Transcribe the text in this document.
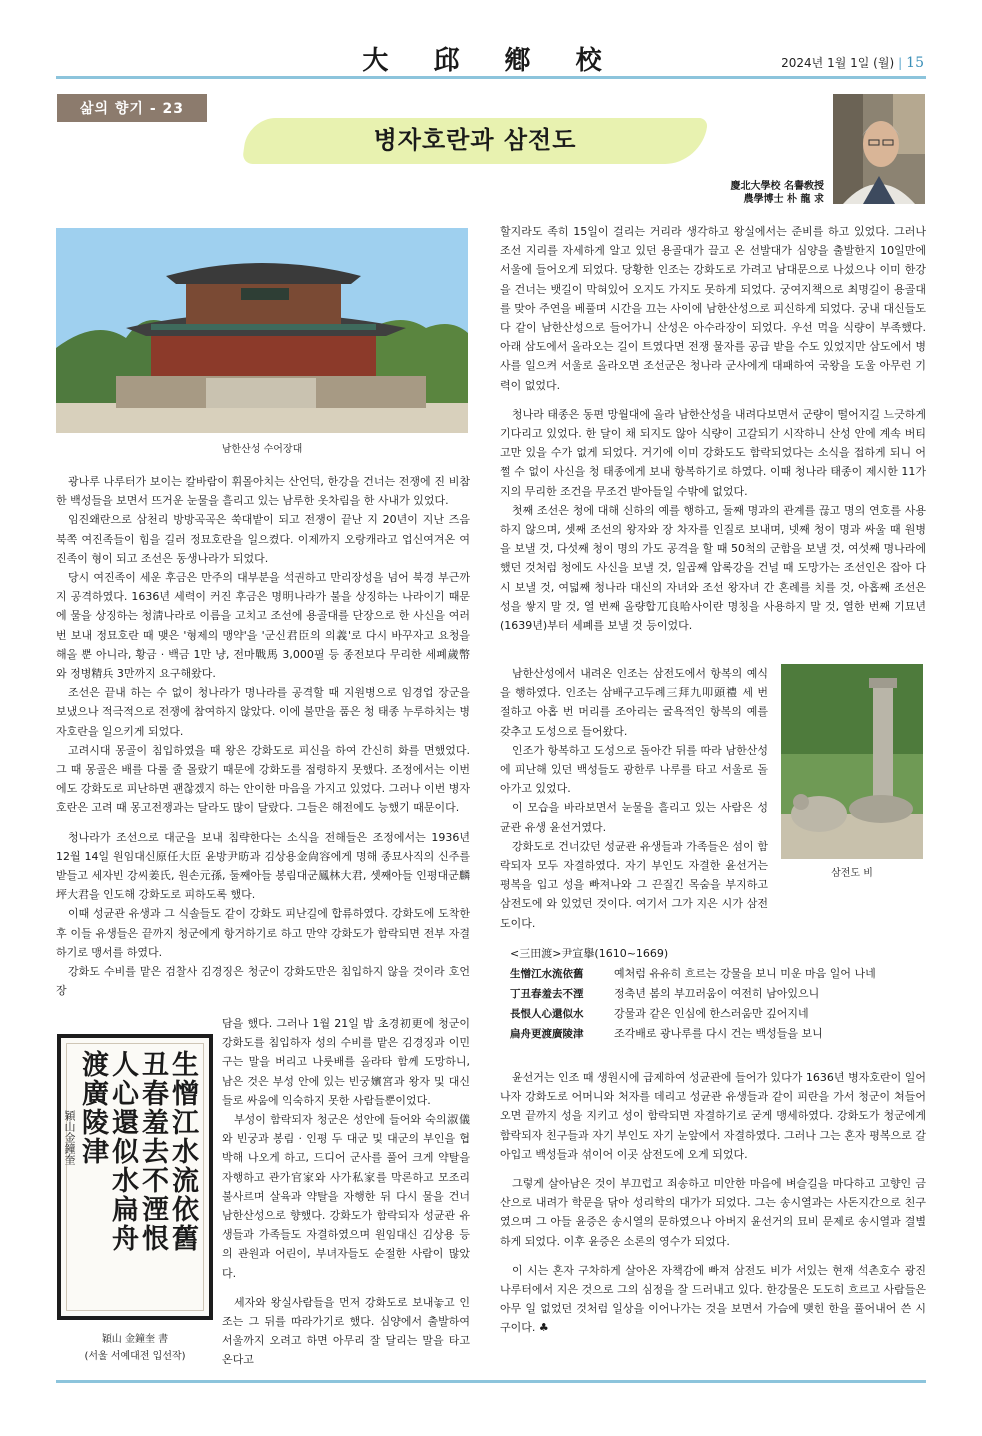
大 邱 鄕 校	2024년 1월 1일 (월) | 15
삶의 향기 - 23
병자호란과 삼전도
慶北大學校 名譽敎授
農學博士 朴 龍 求
남한산성 수어장대

광나루 나루터가 보이는 칼바람이 휘몰아치는 산언덕, 한강을 건너는 전쟁에 진 비참한 백성들을 보면서 뜨거운 눈물을 흘리고 있는 남루한 옷차림을 한 사내가 있었다.

임진왜란으로 삼천리 방방곡곡은 쑥대밭이 되고 전쟁이 끝난 지 20년이 지난 즈음 북쪽 여진족들이 힘을 길러 정묘호란을 일으켰다. 이제까지 오랑캐라고 업신여겨온 여진족이 형이 되고 조선은 동생나라가 되었다.

당시 여진족이 세운 후금은 만주의 대부분을 석권하고 만리장성을 넘어 북경 부근까지 공격하였다. 1636년 세력이 커진 후금은 명明나라가 불을 상징하는 나라이기 때문에 물을 상징하는 청淸나라로 이름을 고치고 조선에 용골대를 단장으로 한 사신을 여러 번 보내 정묘호란 때 맺은 '형제의 맹약'을 '군신君臣의 의義'로 다시 바꾸자고 요청을 해올 뿐 아니라, 황금 · 백금 1만 냥, 전마戰馬 3,000필 등 종전보다 무리한 세폐歲幣와 정병精兵 3만까지 요구해왔다.

조선은 끝내 하는 수 없이 청나라가 명나라를 공격할 때 지원병으로 임경업 장군을 보냈으나 적극적으로 전쟁에 참여하지 않았다. 이에 불만을 품은 청 태종 누루하치는 병자호란을 일으키게 되었다.

고려시대 몽골이 침입하였을 때 왕은 강화도로 피신을 하여 간신히 화를 면했었다. 그 때 몽골은 배를 다룰 줄 몰랐기 때문에 강화도를 점령하지 못했다. 조정에서는 이번에도 강화도로 피난하면 괜찮겠지 하는 안이한 마음을 가지고 있었다. 그러나 이번 병자호란은 고려 때 몽고전쟁과는 달라도 많이 달랐다. 그들은 해전에도 능했기 때문이다.

청나라가 조선으로 대군을 보내 침략한다는 소식을 전해들은 조정에서는 1936년 12월 14일 원임대신原任大臣 윤방尹昉과 김상용金尙容에게 명해 종묘사직의 신주를 받들고 세자빈 강씨姜氏, 원손元孫, 둘째아들 봉림대군鳳林大君, 셋째아들 인평대군麟坪大君을 인도해 강화도로 피하도록 했다.

이때 성균관 유생과 그 식솔들도 같이 강화도 피난길에 합류하였다. 강화도에 도착한 후 이들 유생들은 끝까지 청군에게 항거하기로 하고 만약 강화도가 함락되면 전부 자결하기로 맹서를 하였다.

강화도 수비를 맡은 검찰사 김경징은 청군이 강화도만은 침입하지 않을 것이라 호언장

生憎江水流依舊
丑春羞去不湮恨
人心還似水扁舟
渡廣陵津
穎山金鐘奎
穎山 金鐘奎 書
(서울 서예대전 입선작)

담을 했다. 그러나 1월 21일 밤 초경初更에 청군이 강화도를 침입하자 성의 수비를 맡은 김경징과 이민구는 말을 버리고 나룻배를 올라타 함께 도망하니, 남은 것은 부성 안에 있는 빈궁嬪宮과 왕자 및 대신들로 싸움에 익숙하지 못한 사람들뿐이었다.

부성이 함락되자 청군은 성안에 들어와 숙의淑儀와 빈궁과 봉림 · 인평 두 대군 및 대군의 부인을 협박해 나오게 하고, 드디어 군사를 풀어 크게 약탈을 자행하고 관가官家와 사가私家를 막론하고 모조리 불사르며 살육과 약탈을 자행한 뒤 다시 물을 건너 남한산성으로 향했다. 강화도가 함락되자 성균관 유생들과 가족들도 자결하였으며 원임대신 김상용 등의 관원과 어린이, 부녀자들도 순절한 사람이 많았다.

세자와 왕실사람들을 먼저 강화도로 보내놓고 인조는 그 뒤를 따라가기로 했다. 심양에서 출발하여 서울까지 오려고 하면 아무리 잘 달리는 말을 타고 온다고

할지라도 족히 15일이 걸리는 거리라 생각하고 왕실에서는 준비를 하고 있었다. 그러나 조선 지리를 자세하게 알고 있던 용골대가 끌고 온 선발대가 심양을 출발한지 10일만에 서울에 들어오게 되었다. 당황한 인조는 강화도로 가려고 남대문으로 나섰으나 이미 한강을 건너는 뱃길이 막혀있어 오지도 가지도 못하게 되었다. 궁여지책으로 최명길이 용골대를 맞아 주연을 베풀며 시간을 끄는 사이에 남한산성으로 피신하게 되었다. 궁내 대신들도 다 같이 남한산성으로 들어가니 산성은 아수라장이 되었다. 우선 먹을 식량이 부족했다. 아래 삼도에서 올라오는 길이 트였다면 전쟁 물자를 공급 받을 수도 있었지만 삼도에서 병사를 일으켜 서울로 올라오면 조선군은 청나라 군사에게 대패하여 국왕을 도울 아무런 기력이 없었다.

청나라 태종은 동편 망월대에 올라 남한산성을 내려다보면서 군량이 떨어지길 느긋하게 기다리고 있었다. 한 달이 채 되지도 않아 식량이 고갈되기 시작하니 산성 안에 계속 버티고만 있을 수가 없게 되었다. 거기에 이미 강화도도 함락되었다는 소식을 접하게 되니 어쩔 수 없이 사신을 청 태종에게 보내 항복하기로 하였다. 이때 청나라 태종이 제시한 11가지의 무리한 조건을 무조건 받아들일 수밖에 없었다.

첫째 조선은 청에 대해 신하의 예를 행하고, 둘째 명과의 관계를 끊고 명의 연호를 사용하지 않으며, 셋째 조선의 왕자와 장 차자를 인질로 보내며, 넷째 청이 명과 싸울 때 원병을 보낼 것, 다섯째 청이 명의 가도 공격을 할 때 50척의 군함을 보낼 것, 여섯째 명나라에 했던 것처럼 청에도 사신을 보낼 것, 일곱째 압록강을 건널 때 도망가는 조선인은 잡아 다시 보낼 것, 여덟째 청나라 대신의 자녀와 조선 왕자녀 간 혼례를 치를 것, 아홉째 조선은 성을 쌓지 말 것, 열 번째 올량합兀良哈사이란 명칭을 사용하지 말 것, 열한 번째 기묘년(1639년)부터 세폐를 보낼 것 등이었다.

남한산성에서 내려온 인조는 삼전도에서 항복의 예식을 행하였다. 인조는 삼배구고두례三拜九叩頭禮 세 번 절하고 아홉 번 머리를 조아리는 굴욕적인 항복의 예를 갖추고 도성으로 들어왔다.

인조가 항복하고 도성으로 돌아간 뒤를 따라 남한산성에 피난해 있던 백성들도 광한루 나루를 타고 서울로 돌아가고 있었다.

이 모습을 바라보면서 눈물을 흘리고 있는 사람은 성균관 유생 윤선거였다.

강화도로 건너갔던 성균관 유생들과 가족들은 섬이 함락되자 모두 자결하였다. 자기 부인도 자결한 윤선거는 평복을 입고 성을 빠져나와 그 끈질긴 목숨을 부지하고 삼전도에 와 있었던 것이다. 여기서 그가 지은 시가 삼전도이다.

삼전도 비
<三田渡>尹宣擧(1610~1669)
生憎江水流依舊	예처럼 유유히 흐르는 강물을 보니 미운 마음 일어 나네
丁丑春羞去不湮	정축년 봄의 부끄러움이 여전히 남아있으니
長恨人心還似水	강물과 같은 인심에 한스러움만 깊어지네
扁舟更渡廣陵津	조각배로 광나루를 다시 건는 백성들을 보니

윤선거는 인조 때 생원시에 급제하여 성균관에 들어가 있다가 1636년 병자호란이 일어나자 강화도로 어머니와 처자를 데리고 성균관 유생들과 같이 피란을 가서 청군이 쳐들어오면 끝까지 성을 지키고 성이 함락되면 자결하기로 굳게 맹세하였다. 강화도가 청군에게 함락되자 친구들과 자기 부인도 자기 눈앞에서 자결하였다. 그러나 그는 혼자 평복으로 갈아입고 백성들과 섞이어 이곳 삼전도에 오게 되었다.

그렇게 살아남은 것이 부끄럽고 죄송하고 미안한 마음에 벼슬길을 마다하고 고향인 금산으로 내려가 학문을 닦아 성리학의 대가가 되었다. 그는 송시열과는 사돈지간으로 친구였으며 그 아들 윤증은 송시열의 문하였으나 아버지 윤선거의 묘비 문제로 송시열과 결별하게 되었다. 이후 윤증은 소론의 영수가 되었다.

이 시는 혼자 구차하게 살아온 자책감에 빠져 삼전도 비가 서있는 현재 석촌호수 광진 나루터에서 지은 것으로 그의 심정을 잘 드러내고 있다. 한강물은 도도히 흐르고 사람들은 아무 일 없었던 것처럼 일상을 이어나가는 것을 보면서 가슴에 맺힌 한을 풀어내어 쓴 시구이다. ♣
